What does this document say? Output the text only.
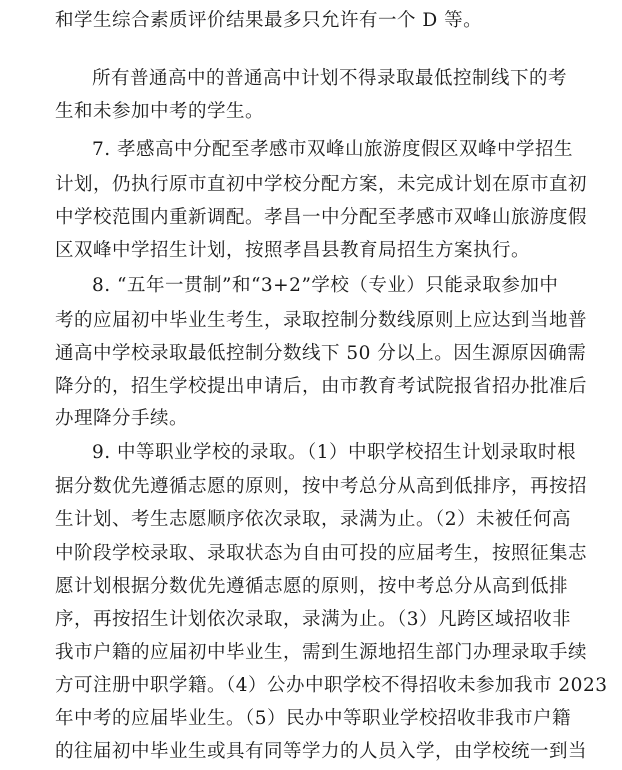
和学生综合素质评价结果最多只允许有一个 D 等。
所有普通高中的普通高中计划不得录取最低控制线下的考
生和未参加中考的学生。
7. 孝感高中分配至孝感市双峰山旅游度假区双峰中学招生
计划，仍执行原市直初中学校分配方案，未完成计划在原市直初
中学校范围内重新调配。孝昌一中分配至孝感市双峰山旅游度假
区双峰中学招生计划，按照孝昌县教育局招生方案执行。
8. “五年一贯制”和“3+2”学校（专业）只能录取参加中
考的应届初中毕业生考生，录取控制分数线原则上应达到当地普
通高中学校录取最低控制分数线下 50 分以上。因生源原因确需
降分的，招生学校提出申请后，由市教育考试院报省招办批准后
办理降分手续。
9. 中等职业学校的录取。（1）中职学校招生计划录取时根
据分数优先遵循志愿的原则，按中考总分从高到低排序，再按招
生计划、考生志愿顺序依次录取，录满为止。（2）未被任何高
中阶段学校录取、录取状态为自由可投的应届考生，按照征集志
愿计划根据分数优先遵循志愿的原则，按中考总分从高到低排
序，再按招生计划依次录取，录满为止。（3）凡跨区域招收非
我市户籍的应届初中毕业生，需到生源地招生部门办理录取手续
方可注册中职学籍。（4）公办中职学校不得招收未参加我市 2023
年中考的应届毕业生。（5）民办中等职业学校招收非我市户籍
的往届初中毕业生或具有同等学力的人员入学，由学校统一到当
